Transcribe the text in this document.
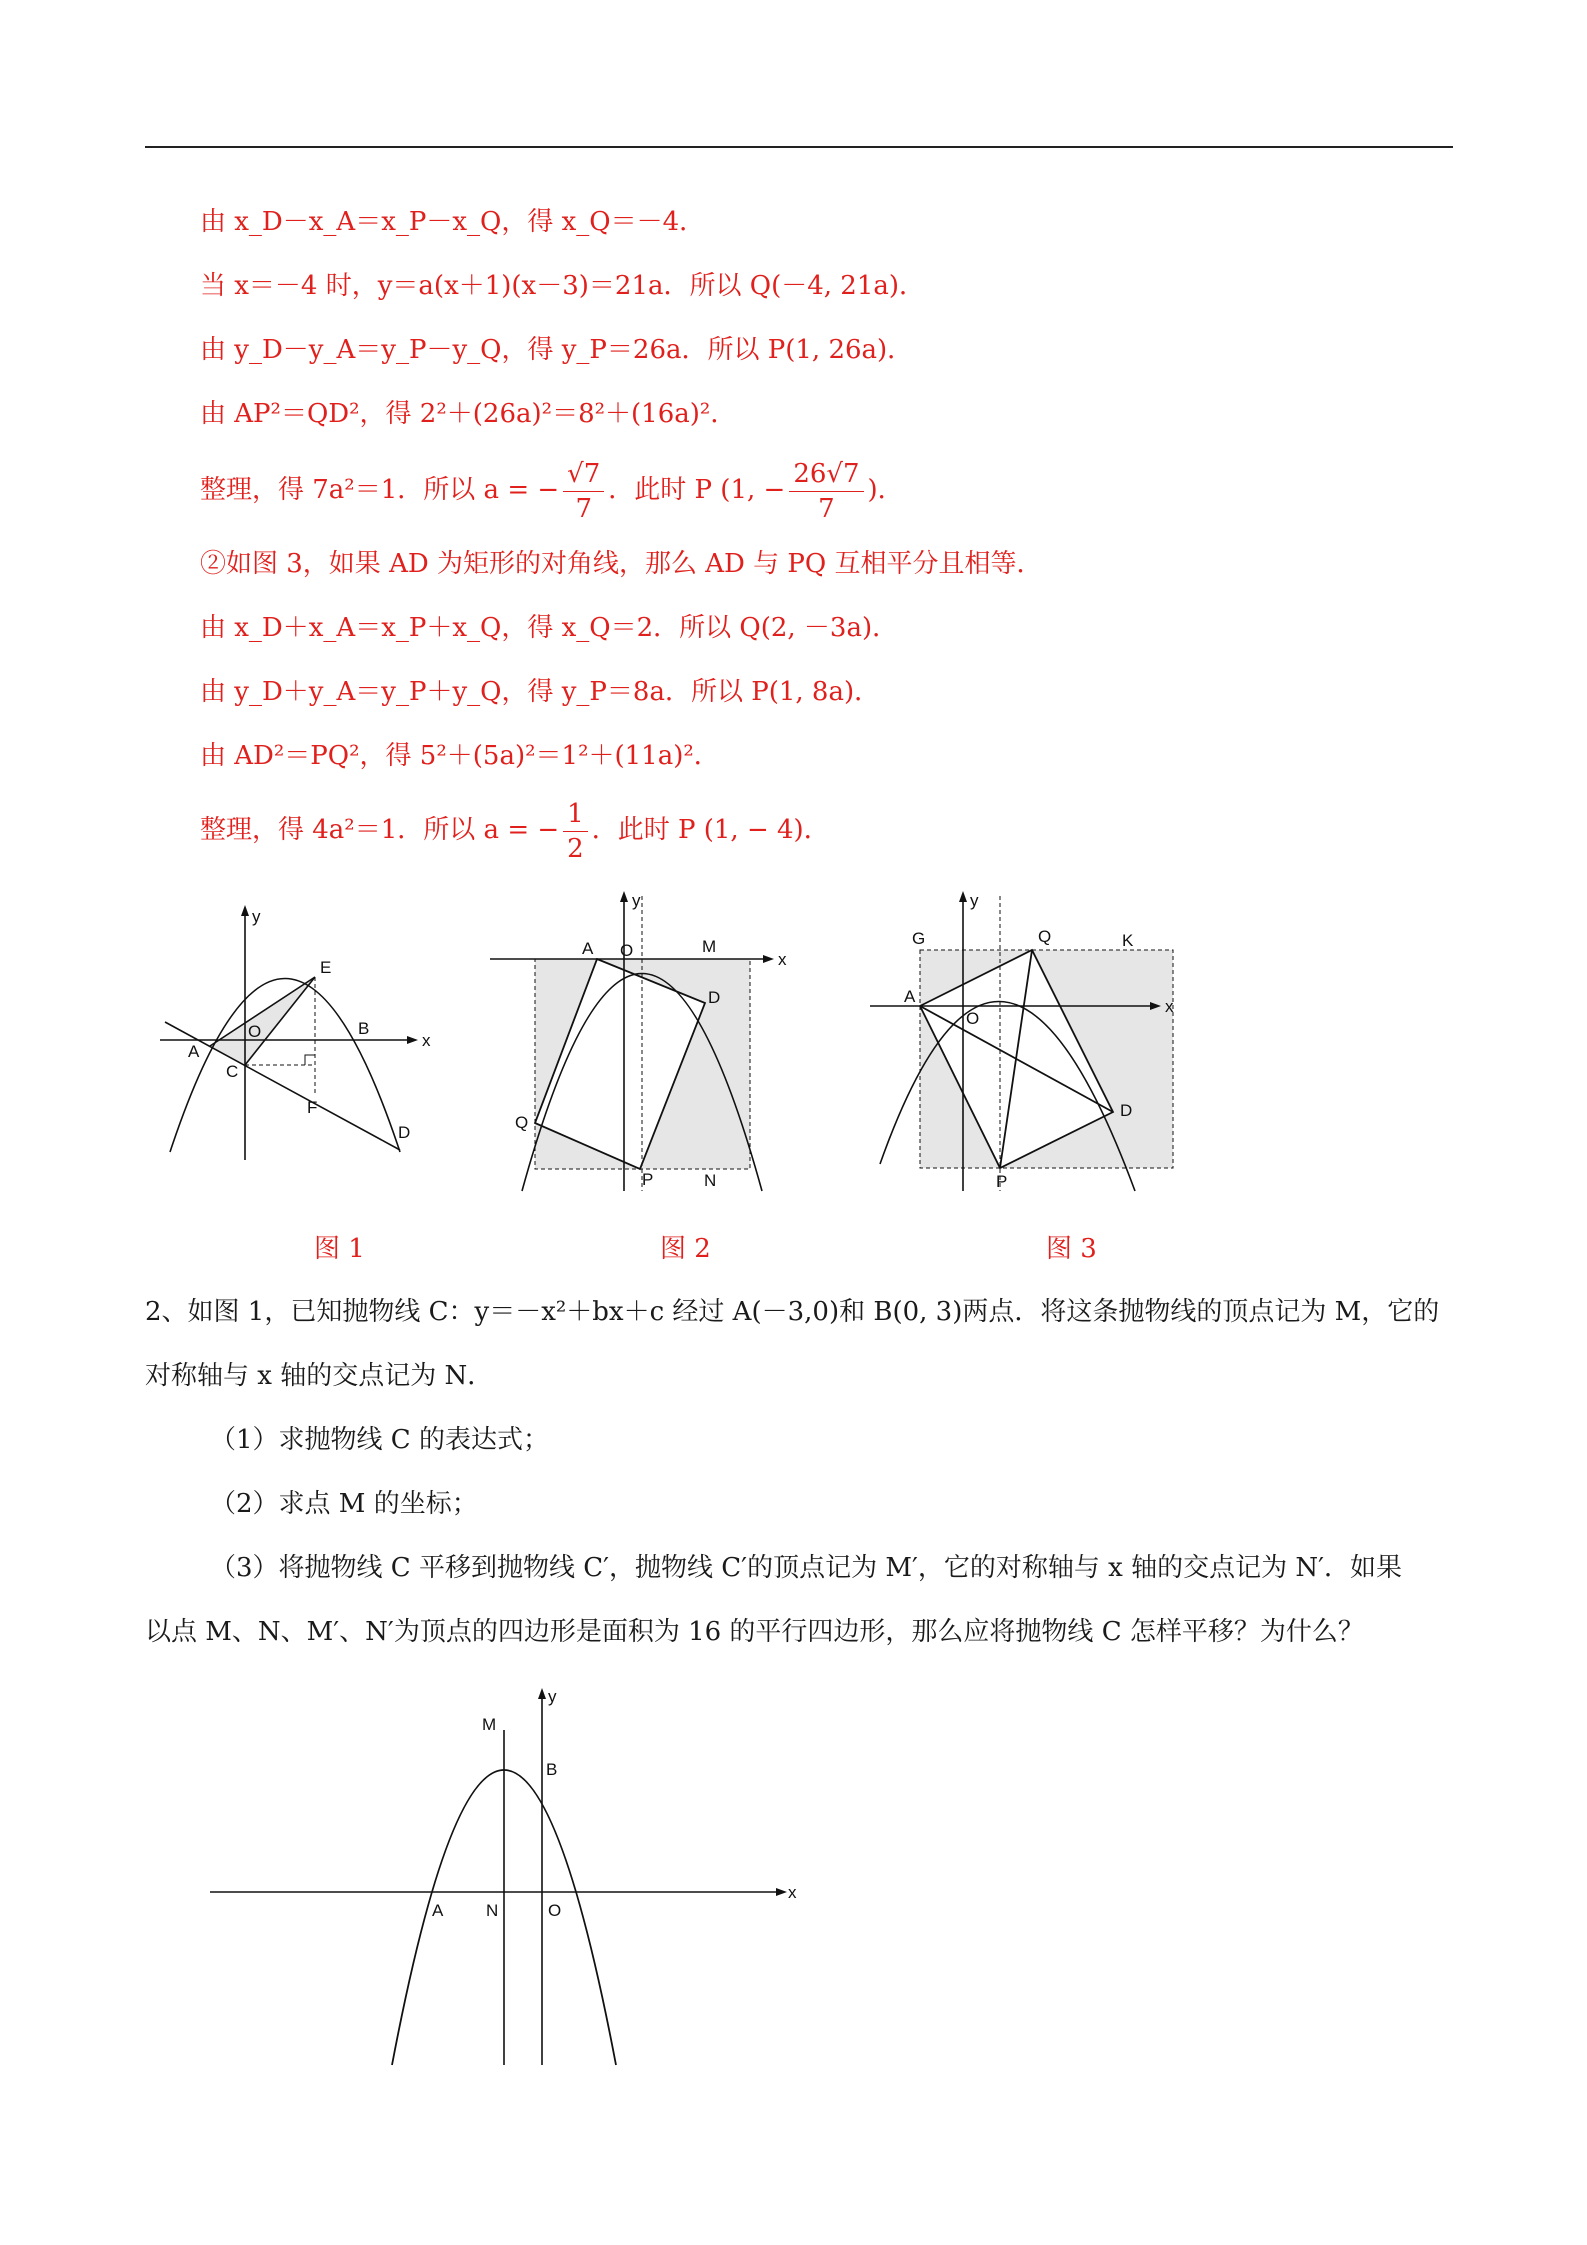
由 x_D－x_A＝x_P－x_Q，得 x_Q＝－4．
当 x＝－4 时，y＝a(x＋1)(x－3)＝21a．所以 Q(－4, 21a)．
由 y_D－y_A＝y_P－y_Q，得 y_P＝26a．所以 P(1, 26a)．
由 AP²＝QD²，得 2²＋(26a)²＝8²＋(16a)²．
整理，得 7a²＝1．所以 a = − $\frac{√7}{7}$ ．此时 P (1, − $\frac{26√7}{7}$ )．
②如图 3，如果 AD 为矩形的对角线，那么 AD 与 PQ 互相平分且相等．
由 x_D＋x_A＝x_P＋x_Q，得 x_Q＝2．所以 Q(2, －3a)．
由 y_D＋y_A＝y_P＋y_Q，得 y_P＝8a．所以 P(1, 8a)．
由 AD²＝PQ²，得 5²＋(5a)²＝1²＋(11a)²．
整理，得 4a²＝1．所以 a = − $\frac{1}{2}$ ．此时 P (1, − 4)．
y
x
E
B
O
A
C
F
D
y
x
A O	M
D
Q
P	N
y
x
G	Q	K
A
O
D
P
图 1	图 2	图 3
2、如图 1，已知抛物线 C：y＝－x²＋bx＋c 经过 A(－3,0)和 B(0, 3)两点．将这条抛物线的顶点记为 M，它的
对称轴与 x 轴的交点记为 N．
（1）求抛物线 C 的表达式；
（2）求点 M 的坐标；
（3）将抛物线 C 平移到抛物线 C′，抛物线 C′的顶点记为 M′，它的对称轴与 x 轴的交点记为 N′．如果
以点 M、N、M′、N′为顶点的四边形是面积为 16 的平行四边形，那么应将抛物线 C 怎样平移？为什么？
y
x
M
B
A	N	O
